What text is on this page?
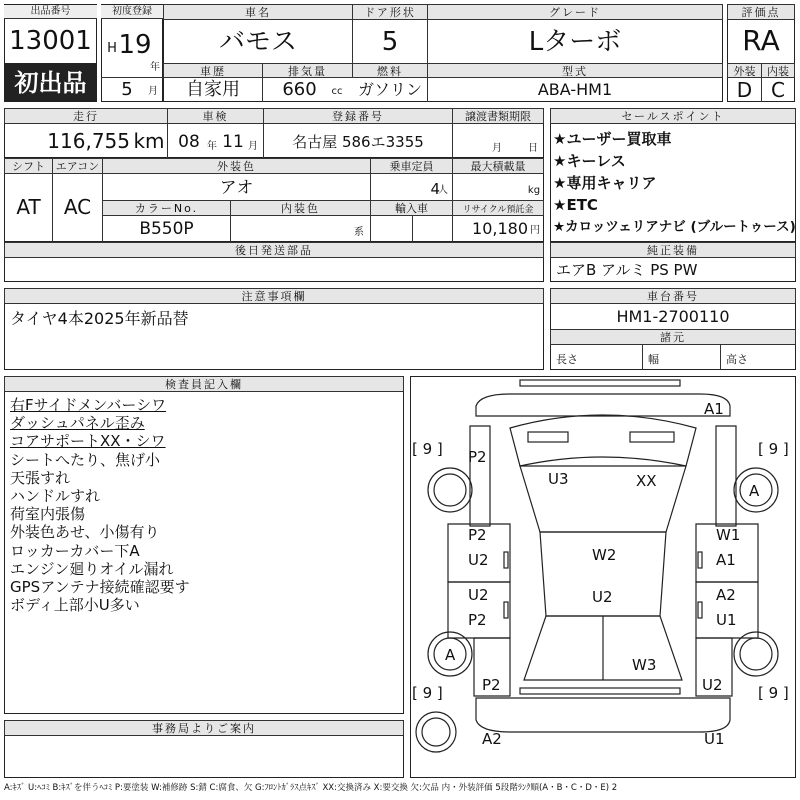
出品番号
13001
初出品
初度登録
H 19
年
5	月
車名	ドア形状	グレード
バモス	5	Lターボ
車歴	排気量	燃料	型式
自家用	660	cc ガソリン	ABA-HM1
評価点
RA
外装	内装
D C
走行	車検	登録番号	譲渡書類期限
116,755 km 08 年 11 月	名古屋 586エ3355	月	日
シフト エアコン	外装色	乗車定員	最大積載量
AT	AC
アオ	4
人	kg
カラーNo.	内装色	輸入車	リサイクル預託金
B550P	系	10,180 円
後日発送部品
セールスポイント
★ユーザー買取車
★キーレス
★専用キャリア
★ETC
★カロッツェリアナビ (ブルートゥース)
純正装備
エアB アルミ PS PW
注意事項欄
タイヤ4本2025年新品替
車台番号
HM1-2700110
諸元
長さ	幅	高さ
検査員記入欄
右Fサイドメンバーシワ
ダッシュパネル歪み
コアサポートXX・シワ
シートへたり、焦げ小
天張すれ
ハンドルすれ
荷室内張傷
外装色あせ、小傷有り
ロッカーカバー下A
エンジン廻りオイル漏れ
GPSアンテナ接続確認要す
ボディ上部小U多い
事務局よりご案内
A1
[ 9 ]	[ 9 ]
P2
U3	XX
A
P2	W1
W2
U2	A1
U2	U2	A2
P2	U1
A
W3
P2	U2
[ 9 ]	[ 9 ]
A2	U1
A:ｷｽﾞ U:ﾍｺﾐ B:ｷｽﾞを伴うﾍｺﾐ P:要塗装 W:補修跡 S:錆 C:腐食、欠 G:ﾌﾛﾝﾄｶﾞﾗｽ点ｷｽﾞ XX:交換済み X:要交換 欠:欠品 内・外装評価 5段階ﾗﾝｸ順(A・B・C・D・E) 2
